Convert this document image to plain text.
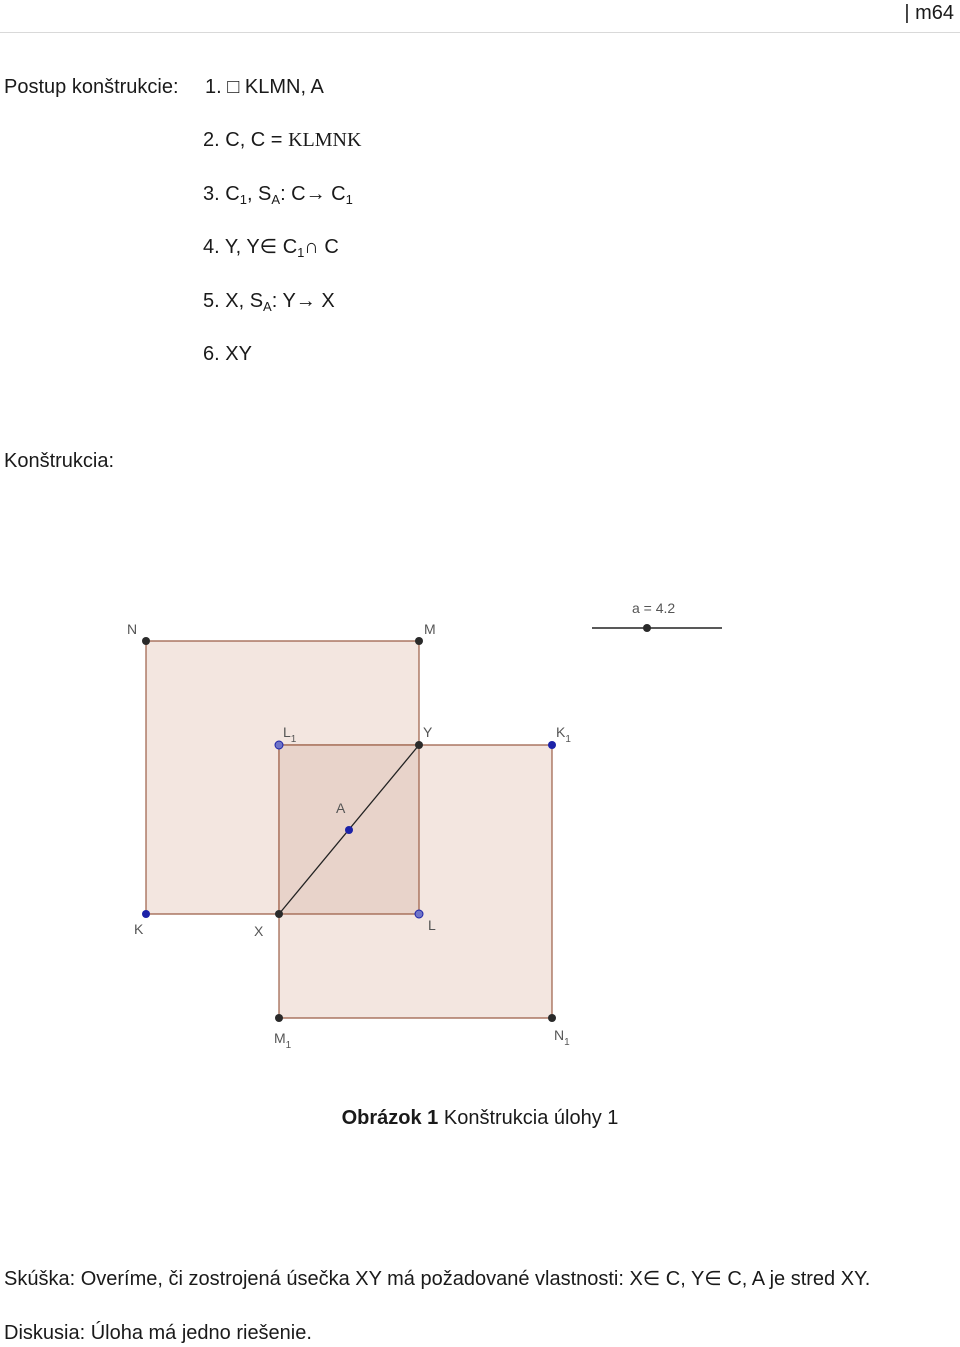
| m64
Postup konštrukcie: 1. □ KLMN, A
2. C, C = KLMNK
3. $C_1$, $S_A$: $C\to C_1$
4. Y, Y∈ $C_1\cap$ C
5. X, $S_A$: Y→ X
6. XY
Konštrukcia:
a = 4.2
N	M
K	L
X
Y
A
$L_1$	$K_1$
$M_1$
$N_1$
Obrázok 1 Konštrukcia úlohy 1
Skúška: Overíme, či zostrojená úsečka XY má požadované vlastnosti: X∈ C, Y∈ C, A je stred XY.
Diskusia: Úloha má jedno riešenie.
